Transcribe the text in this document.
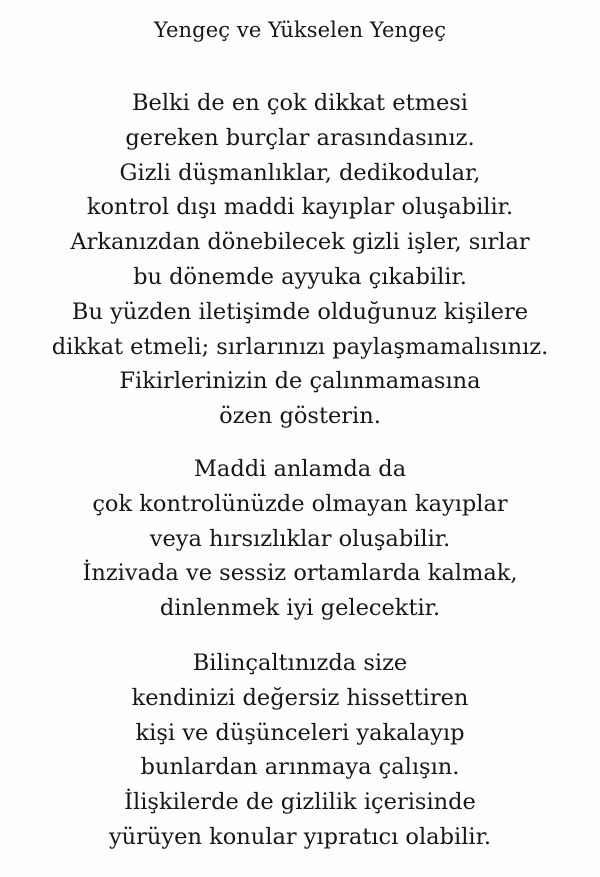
Yengeç ve Yükselen Yengeç
Belki de en çok dikkat etmesi
gereken burçlar arasındasınız.
Gizli düşmanlıklar, dedikodular,
kontrol dışı maddi kayıplar oluşabilir.
Arkanızdan dönebilecek gizli işler, sırlar
bu dönemde ayyuka çıkabilir.
Bu yüzden iletişimde olduğunuz kişilere
dikkat etmeli; sırlarınızı paylaşmamalısınız.
Fikirlerinizin de çalınmamasına
özen gösterin.
Maddi anlamda da
çok kontrolünüzde olmayan kayıplar
veya hırsızlıklar oluşabilir.
İnzivada ve sessiz ortamlarda kalmak,
dinlenmek iyi gelecektir.
Bilinçaltınızda size
kendinizi değersiz hissettiren
kişi ve düşünceleri yakalayıp
bunlardan arınmaya çalışın.
İlişkilerde de gizlilik içerisinde
yürüyen konular yıpratıcı olabilir.
